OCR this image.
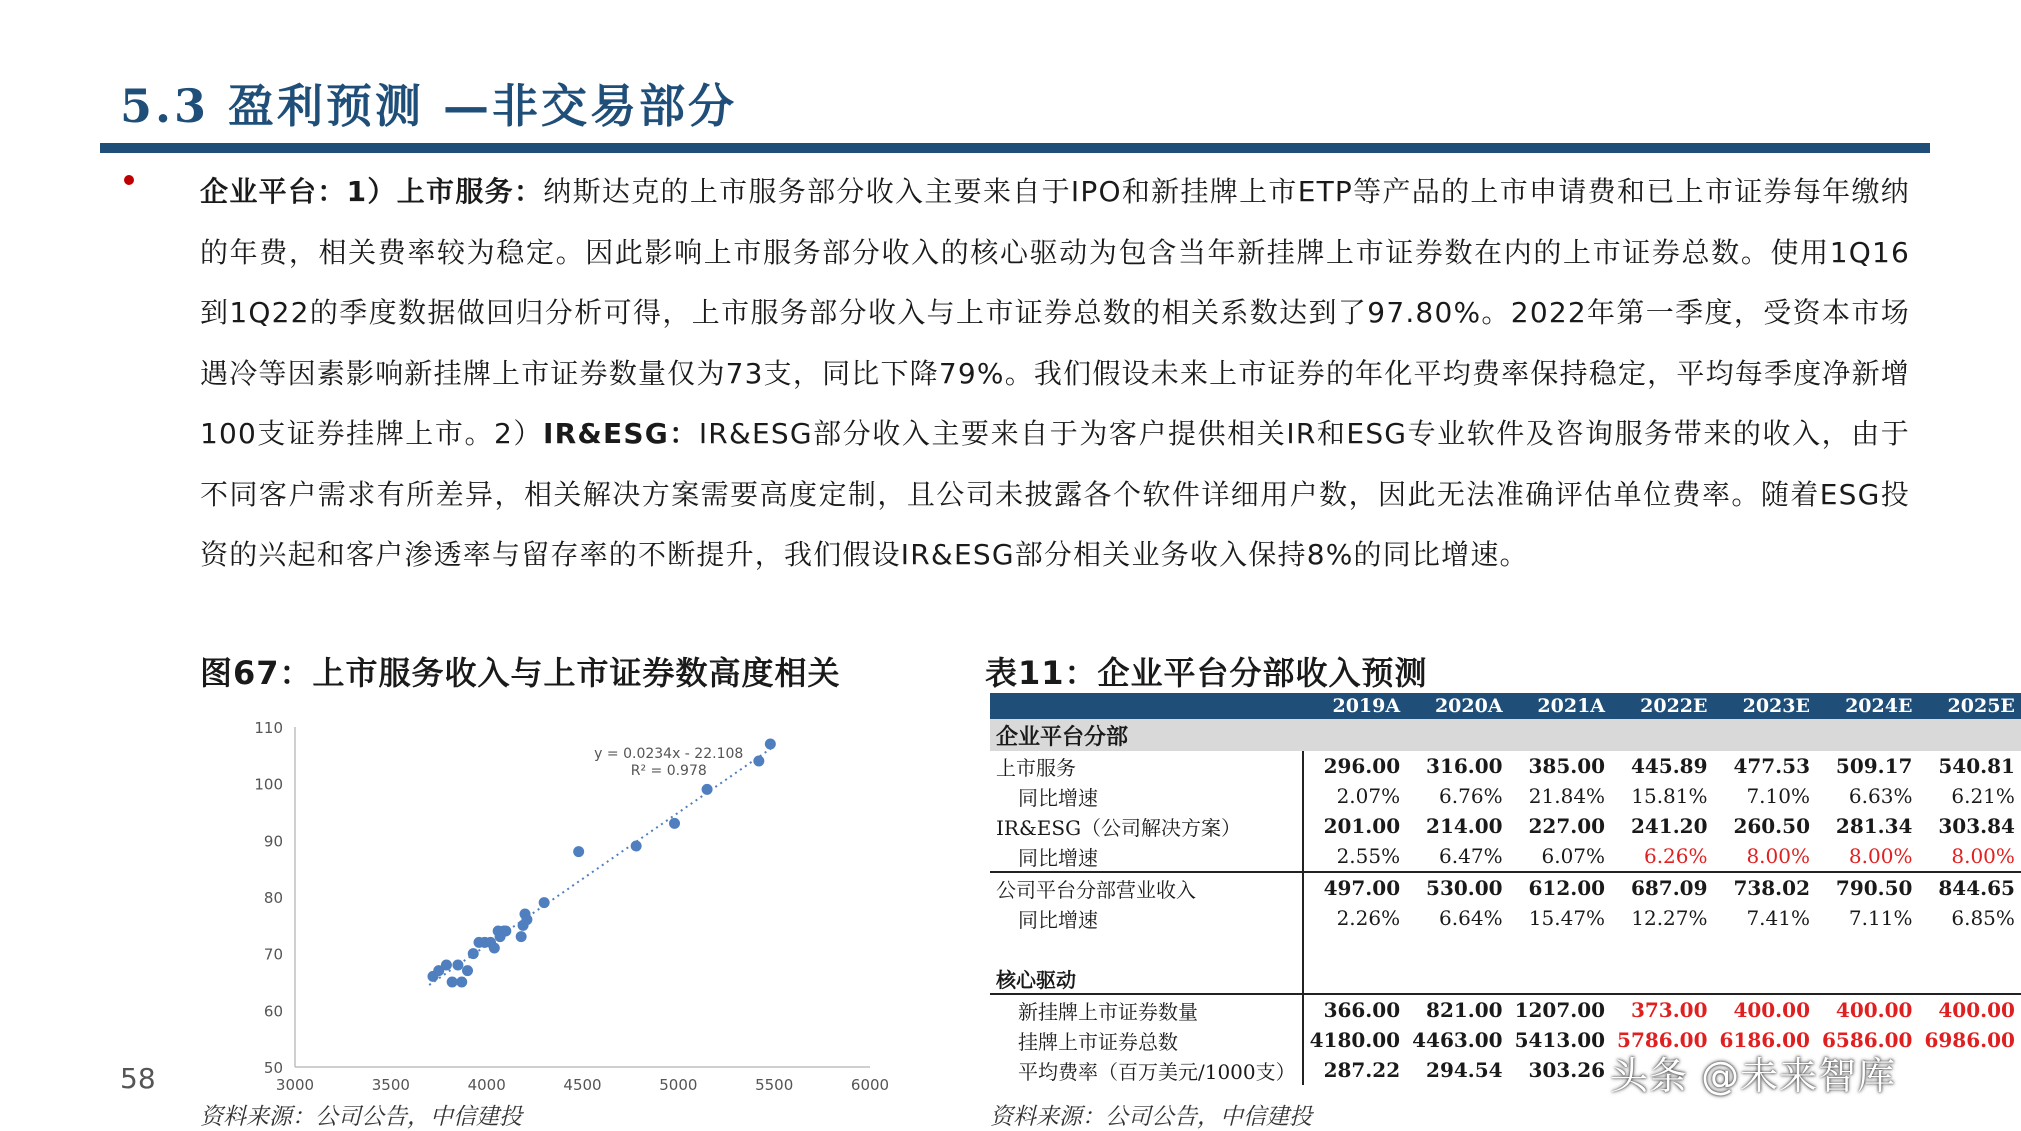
5.3 盈利预测 —非交易部分
企业平台：1）上市服务：纳斯达克的上市服务部分收入主要来自于IPO和新挂牌上市ETP等产品的上市申请费和已上市证券每年缴纳的年费，相关费率较为稳定。因此影响上市服务部分收入的核心驱动为包含当年新挂牌上市证券数在内的上市证券总数。使用1Q16到1Q22的季度数据做回归分析可得，上市服务部分收入与上市证券总数的相关系数达到了97.80%。2022年第一季度，受资本市场遇冷等因素影响新挂牌上市证券数量仅为73支，同比下降79%。我们假设未来上市证券的年化平均费率保持稳定，平均每季度净新增100支证券挂牌上市。2）IR&ESG：IR&ESG部分收入主要来自于为客户提供相关IR和ESG专业软件及咨询服务带来的收入，由于不同客户需求有所差异，相关解决方案需要高度定制，且公司未披露各个软件详细用户数，因此无法准确评估单位费率。随着ESG投资的兴起和客户渗透率与留存率的不断提升，我们假设IR&ESG部分相关业务收入保持8%的同比增速。
图67：上市服务收入与上市证券数高度相关	表11：企业平台分部收入预测
50
60
70
80
90
100
110
3000	3500	4000	4500	5000	5500	6000
y = 0.0234x - 22.108
R² = 0.978
	2019A	2020A	2021A	2022E	2023E	2024E	2025E
企业平台分部							
上市服务	296.00	316.00	385.00	445.89	477.53	509.17	540.81
同比增速	2.07%	6.76%	21.84%	15.81%	7.10%	6.63%	6.21%
IR&ESG（公司解决方案）	201.00	214.00	227.00	241.20	260.50	281.34	303.84
同比增速	2.55%	6.47%	6.07%	6.26%	8.00%	8.00%	8.00%
公司平台分部营业收入	497.00	530.00	612.00	687.09	738.02	790.50	844.65
同比增速	2.26%	6.64%	15.47%	12.27%	7.41%	7.11%	6.85%

核心驱动							
新挂牌上市证券数量	366.00	821.00	1207.00	373.00	400.00	400.00	400.00
挂牌上市证券总数	4180.00	4463.00	5413.00	5786.00	6186.00	6586.00	6986.00
平均费率（百万美元/1000支）	287.22	294.54	303.26				
资料来源：公司公告，中信建投	资料来源：公司公告，中信建投
58	头条 @未来智库
